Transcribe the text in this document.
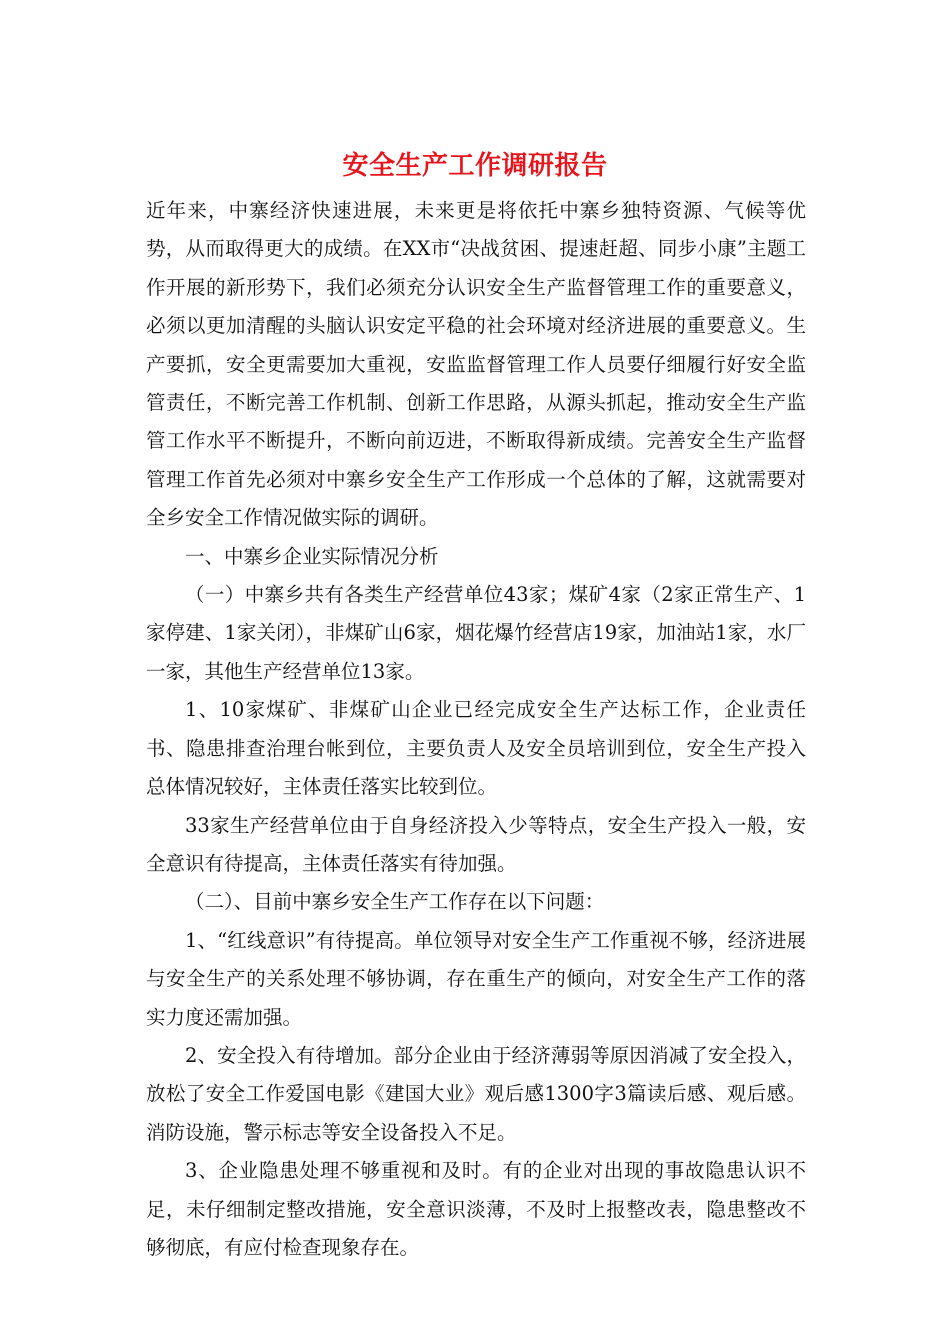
安全生产工作调研报告

近年来，中寨经济快速进展，未来更是将依托中寨乡独特资源、气候等优势，从而取得更大的成绩。在XX市“决战贫困、提速赶超、同步小康”主题工作开展的新形势下，我们必须充分认识安全生产监督管理工作的重要意义，必须以更加清醒的头脑认识安定平稳的社会环境对经济进展的重要意义。生产要抓，安全更需要加大重视，安监监督管理工作人员要仔细履行好安全监管责任，不断完善工作机制、创新工作思路，从源头抓起，推动安全生产监管工作水平不断提升，不断向前迈进，不断取得新成绩。完善安全生产监督管理工作首先必须对中寨乡安全生产工作形成一个总体的了解，这就需要对全乡安全工作情况做实际的调研。

一、中寨乡企业实际情况分析

（一）中寨乡共有各类生产经营单位43家；煤矿4家（2家正常生产、1家停建、1家关闭），非煤矿山6家，烟花爆竹经营店19家，加油站1家，水厂一家，其他生产经营单位13家。

1、10家煤矿、非煤矿山企业已经完成安全生产达标工作，企业责任书、隐患排查治理台帐到位，主要负责人及安全员培训到位，安全生产投入总体情况较好，主体责任落实比较到位。

33家生产经营单位由于自身经济投入少等特点，安全生产投入一般，安全意识有待提高，主体责任落实有待加强。

（二）、目前中寨乡安全生产工作存在以下问题：

1、“红线意识”有待提高。单位领导对安全生产工作重视不够，经济进展与安全生产的关系处理不够协调，存在重生产的倾向，对安全生产工作的落实力度还需加强。

2、安全投入有待增加。部分企业由于经济薄弱等原因消减了安全投入，放松了安全工作爱国电影《建国大业》观后感1300字3篇读后感、观后感。消防设施，警示标志等安全设备投入不足。

3、企业隐患处理不够重视和及时。有的企业对出现的事故隐患认识不足，未仔细制定整改措施，安全意识淡薄，不及时上报整改表，隐患整改不够彻底，有应付检查现象存在。
